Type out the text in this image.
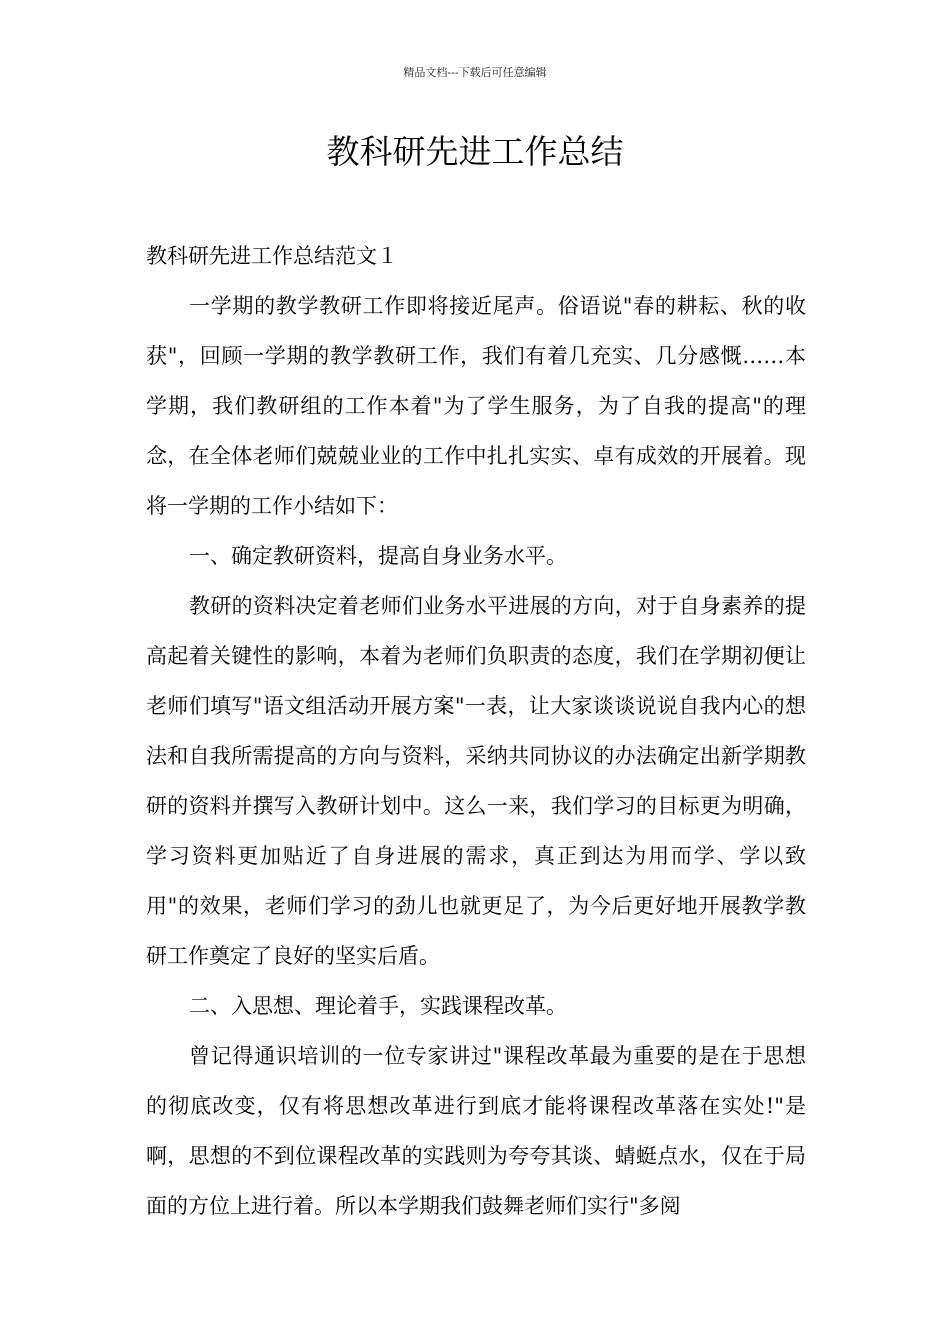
精品文档---下载后可任意编辑
教科研先进工作总结

教科研先进工作总结范文１

一学期的教学教研工作即将接近尾声。俗语说"春的耕耘、秋的收获"，回顾一学期的教学教研工作，我们有着几充实、几分感慨……本学期，我们教研组的工作本着"为了学生服务，为了自我的提高"的理念，在全体老师们兢兢业业的工作中扎扎实实、卓有成效的开展着。现将一学期的工作小结如下：

一、确定教研资料，提高自身业务水平。

教研的资料决定着老师们业务水平进展的方向，对于自身素养的提高起着关键性的影响，本着为老师们负职责的态度，我们在学期初便让老师们填写"语文组活动开展方案"一表，让大家谈谈说说自我内心的想法和自我所需提高的方向与资料，采纳共同协议的办法确定出新学期教研的资料并撰写入教研计划中。这么一来，我们学习的目标更为明确，学习资料更加贴近了自身进展的需求，真正到达为用而学、学以致用"的效果，老师们学习的劲儿也就更足了，为今后更好地开展教学教研工作奠定了良好的坚实后盾。

二、入思想、理论着手，实践课程改革。

曾记得通识培训的一位专家讲过"课程改革最为重要的是在于思想的彻底改变，仅有将思想改革进行到底才能将课程改革落在实处!"是啊，思想的不到位课程改革的实践则为夸夸其谈、蜻蜓点水，仅在于局面的方位上进行着。所以本学期我们鼓舞老师们实行"多阅
